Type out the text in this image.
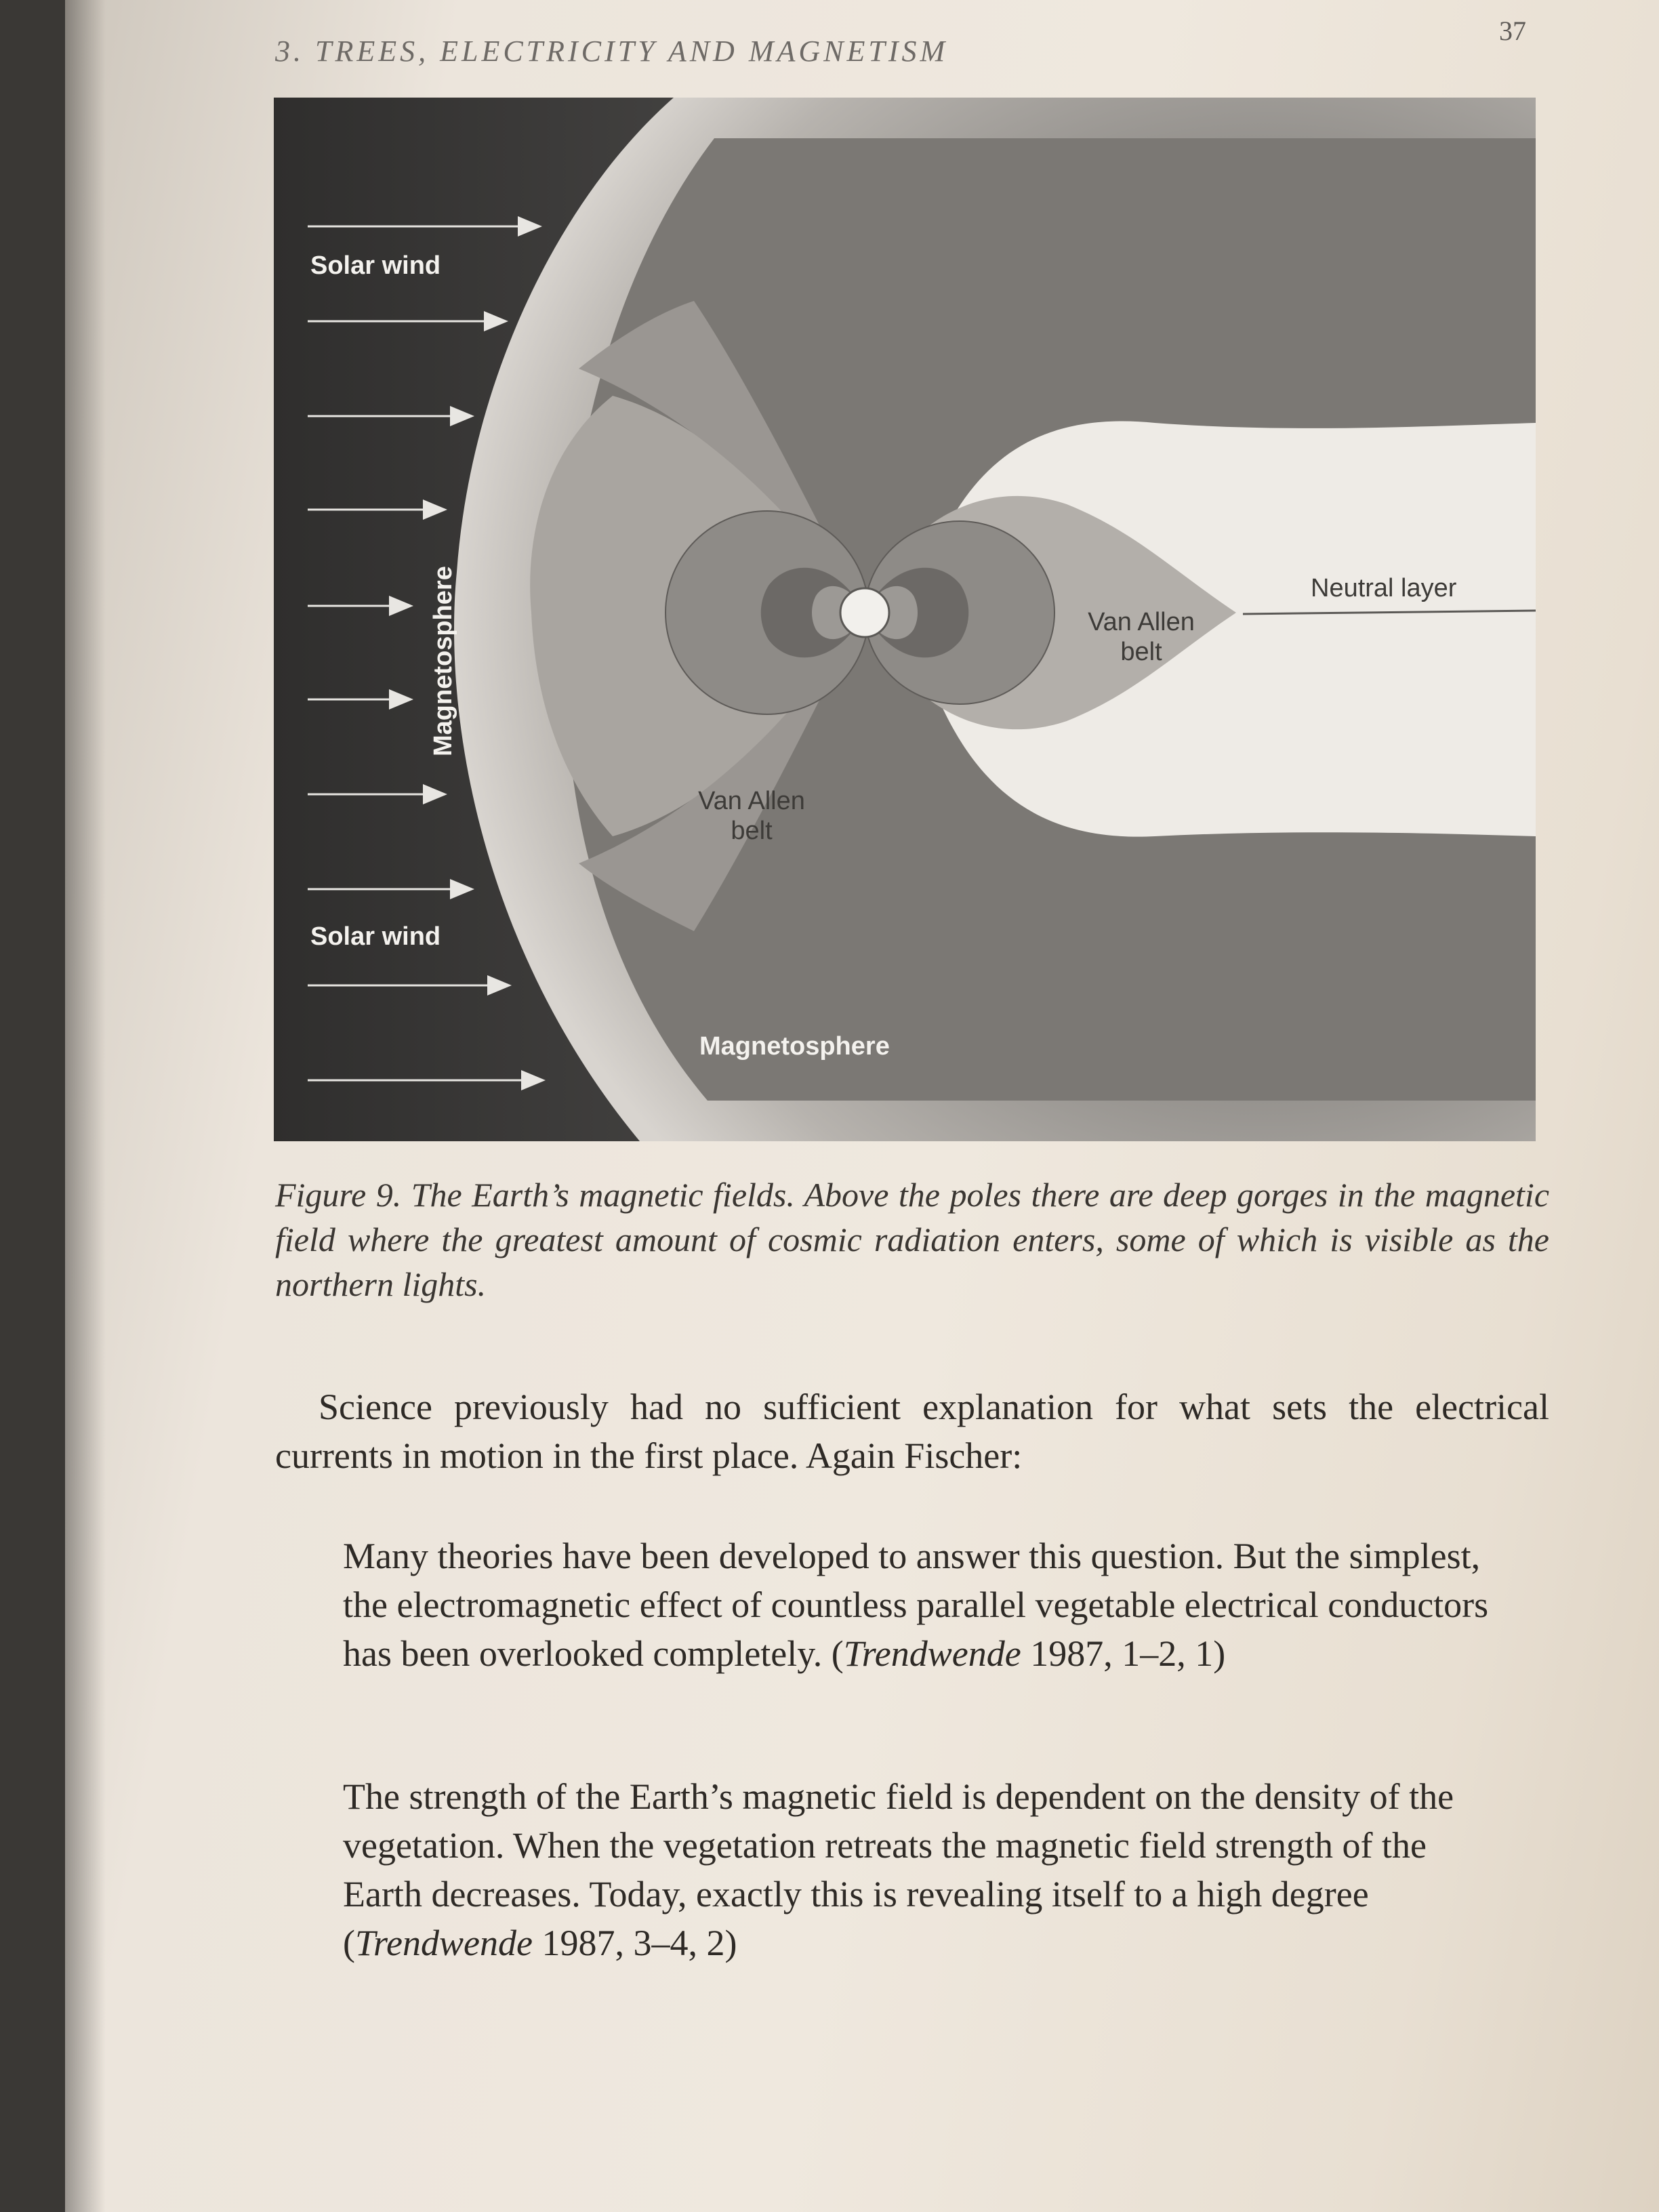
3. TREES, ELECTRICITY AND MAGNETISM
37
Solar wind
Solar wind
Magnetosphere
Magnetosphere
Van Allen
belt
Van Allen
belt
Neutral layer
Figure 9. The Earth’s magnetic fields. Above the poles there are deep gorges in the magnetic field where the greatest amount of cosmic radiation enters, some of which is visible as the northern lights.
Science previously had no sufficient explanation for what sets the electrical currents in motion in the first place. Again Fischer:
Many theories have been developed to answer this question. But the simplest, the electromagnetic effect of countless parallel vegetable electrical conductors has been overlooked completely. (Trendwende 1987, 1–2, 1)
The strength of the Earth’s magnetic field is dependent on the density of the vegetation. When the vegetation retreats the magnetic field strength of the Earth decreases. Today, exactly this is revealing itself to a high degree (Trendwende 1987, 3–4, 2)
